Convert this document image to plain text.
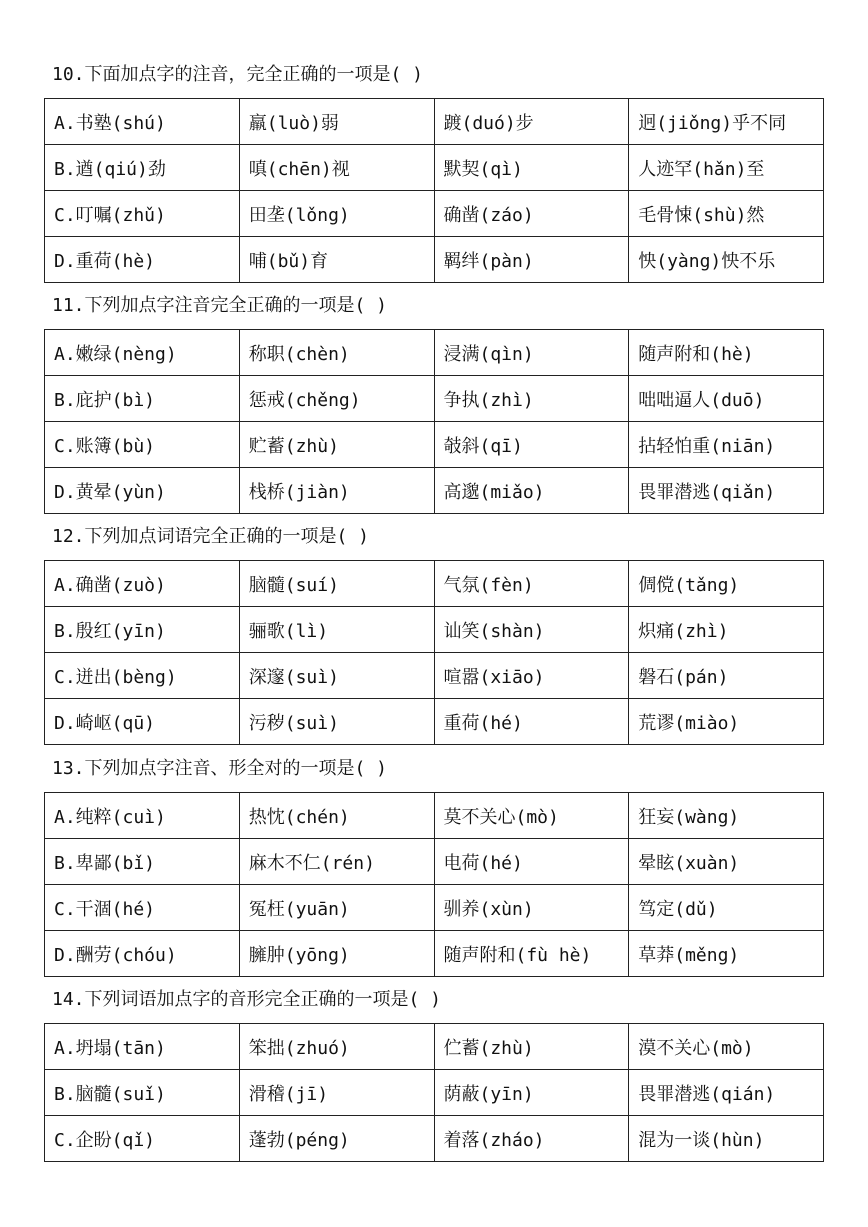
10.下面加点字的注音，完全正确的一项是( )
A.书塾(shú)	羸(luò)弱	踱(duó)步	迥(jiǒng)乎不同
B.遒(qiú)劲	嗔(chēn)视	默契(qì)	人迹罕(hǎn)至
C.叮嘱(zhǔ)	田垄(lǒng)	确凿(záo)	毛骨悚(shù)然
D.重荷(hè)	哺(bǔ)育	羁绊(pàn)	怏(yàng)怏不乐
11.下列加点字注音完全正确的一项是( )
A.嫩绿(nèng)	称职(chèn)	浸满(qìn)	随声附和(hè)
B.庇护(bì)	惩戒(chěng)	争执(zhì)	咄咄逼人(duō)
C.账簿(bù)	贮蓄(zhù)	攲斜(qī)	拈轻怕重(niān)
D.黄晕(yùn)	栈桥(jiàn)	高邈(miǎo)	畏罪潜逃(qiǎn)
12.下列加点词语完全正确的一项是( )
A.确凿(zuò)	脑髓(suí)	气氛(fèn)	倜傥(tǎng)
B.殷红(yīn)	骊歌(lì)	讪笑(shàn)	炽痛(zhì)
C.迸出(bèng)	深邃(suì)	喧嚣(xiāo)	磐石(pán)
D.崎岖(qū)	污秽(suì)	重荷(hé)	荒谬(miào)
13.下列加点字注音、形全对的一项是( )
A.纯粹(cuì)	热忱(chén)	莫不关心(mò)	狂妄(wàng)
B.卑鄙(bǐ)	麻木不仁(rén)	电荷(hé)	晕眩(xuàn)
C.干涸(hé)	冤枉(yuān)	驯养(xùn)	笃定(dǔ)
D.酬劳(chóu)	臃肿(yōng)	随声附和(fù hè)	草莽(měng)
14.下列词语加点字的音形完全正确的一项是( )
A.坍塌(tān)	笨拙(zhuó)	伫蓄(zhù)	漠不关心(mò)
B.脑髓(suǐ)	滑稽(jī)	荫蔽(yīn)	畏罪潜逃(qián)
C.企盼(qǐ)	蓬勃(péng)	着落(zháo)	混为一谈(hùn)
